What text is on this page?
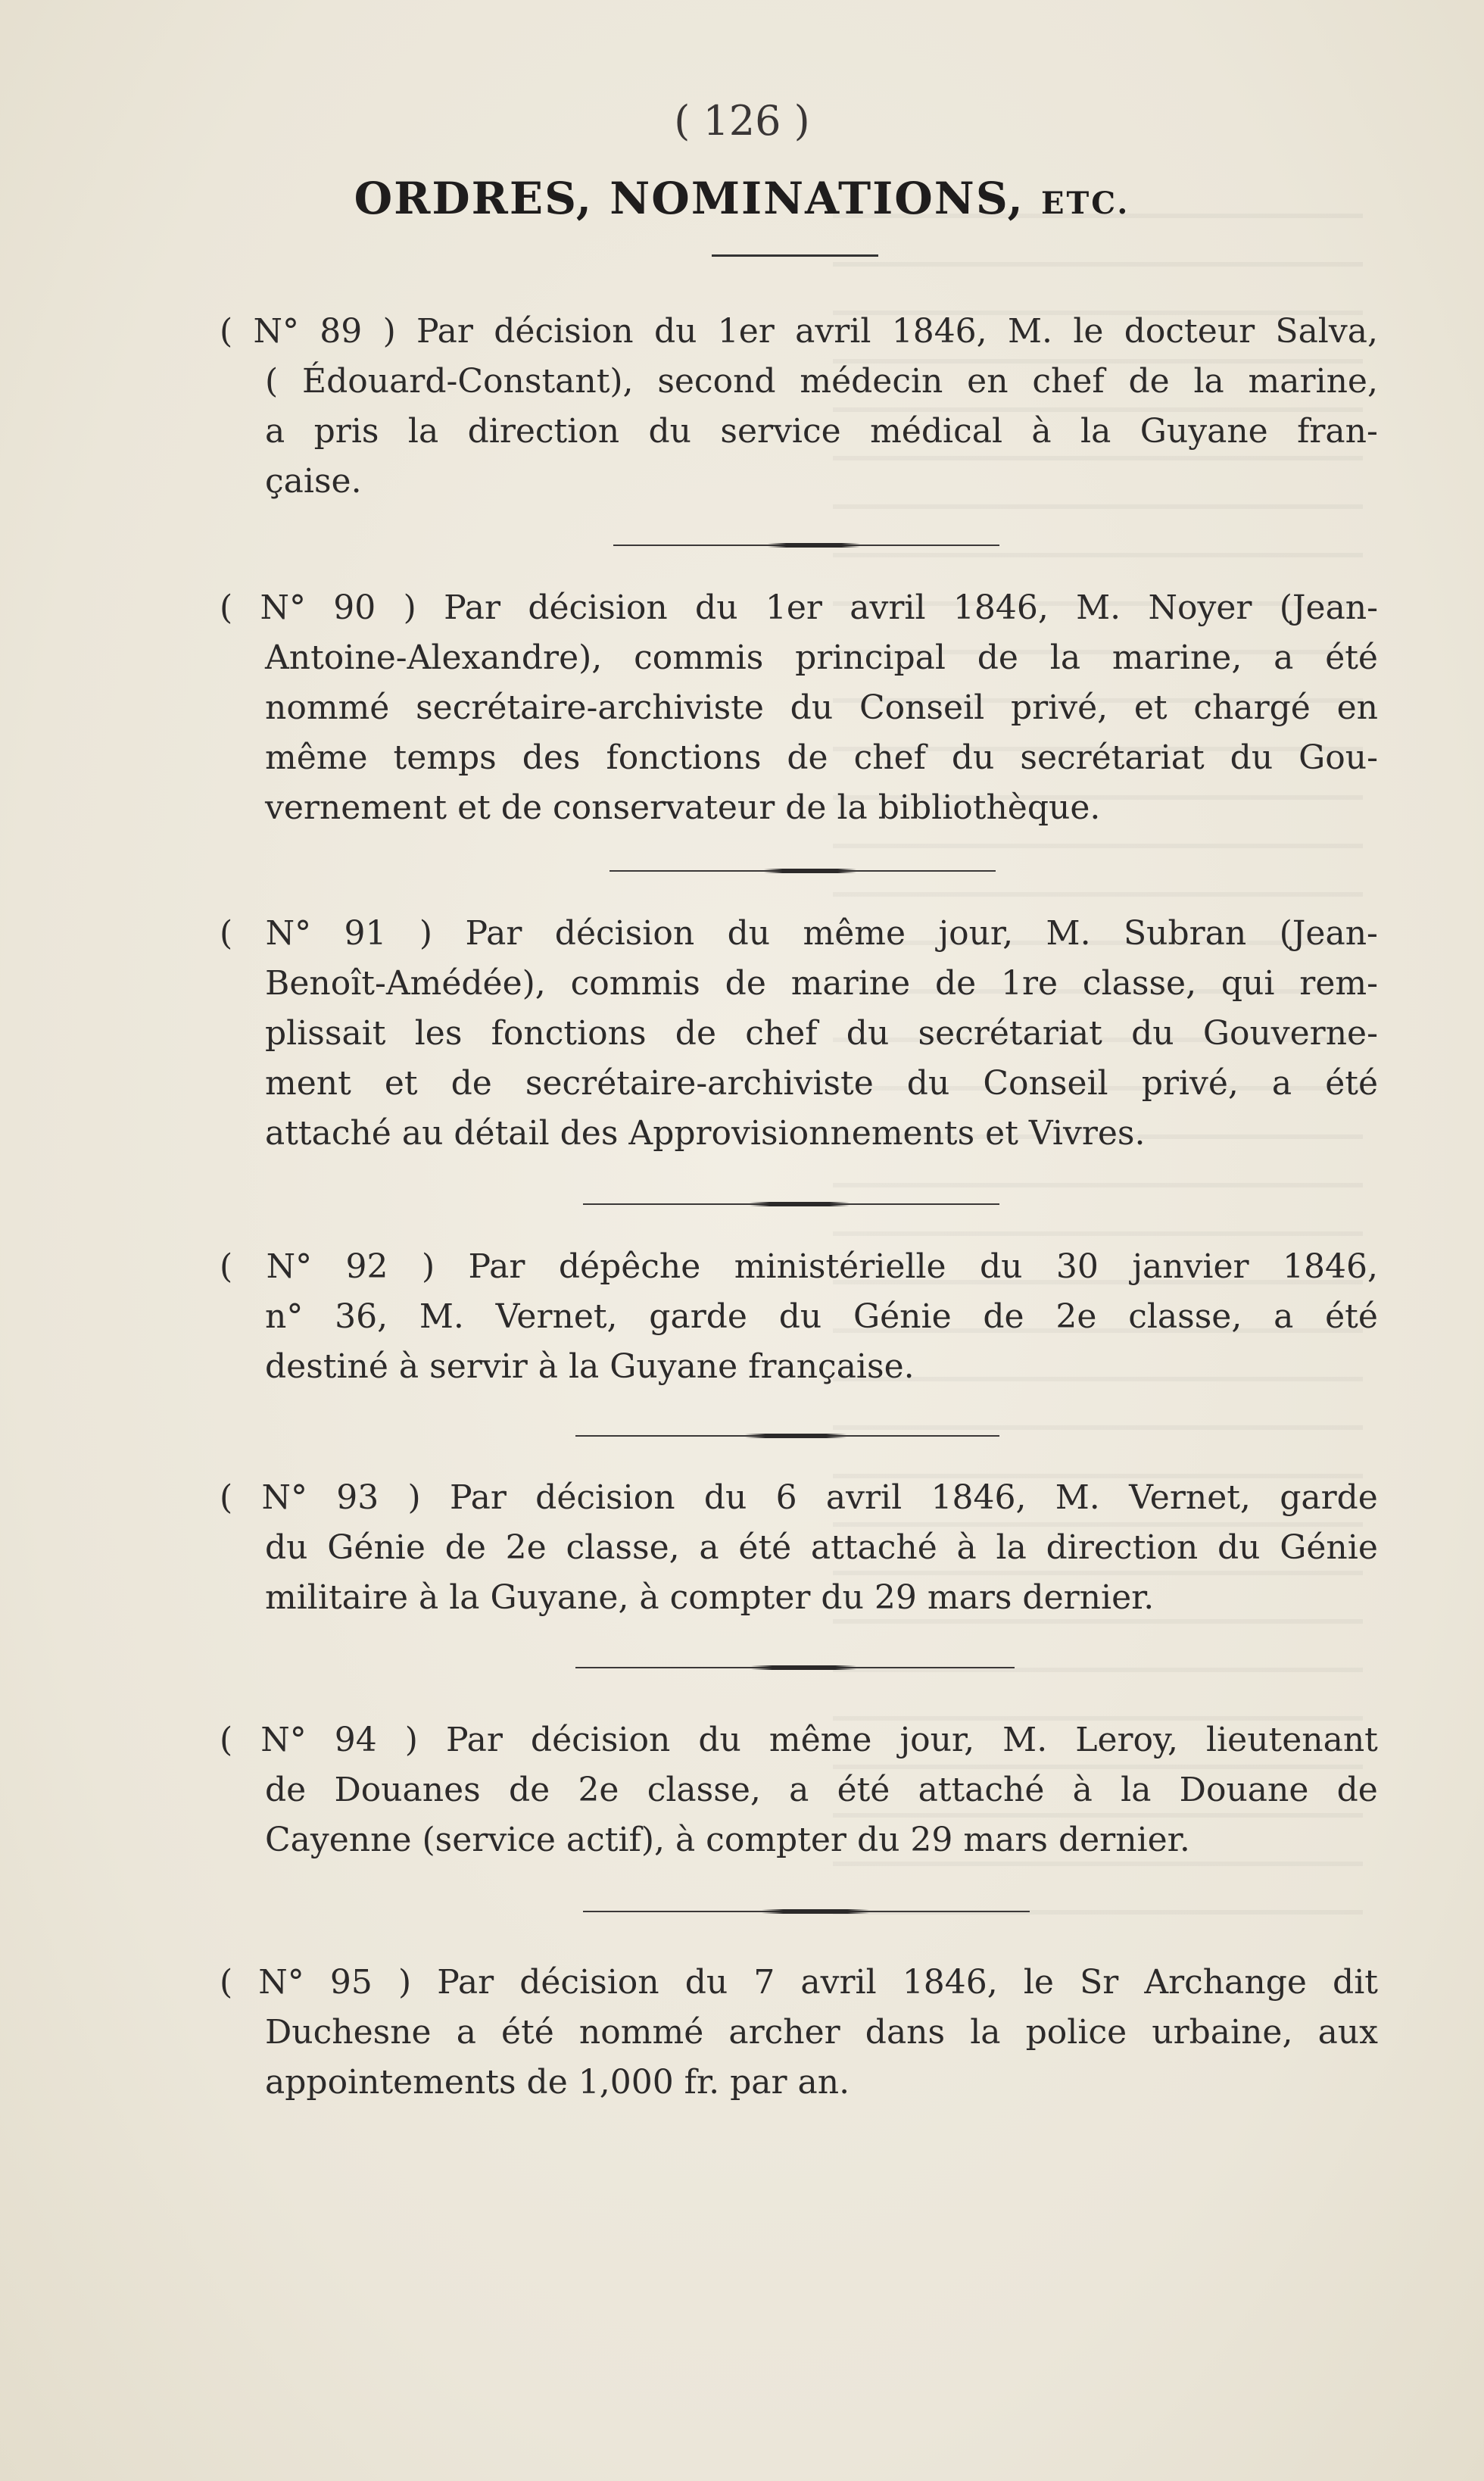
( 126 )
ORDRES, NOMINATIONS, ETC.
( N° 89 ) Par décision du 1er avril 1846, M. le docteur Salva,
( Édouard-Constant), second médecin en chef de la marine,
a pris la direction du service médical à la Guyane fran-
çaise.
( N° 90 ) Par décision du 1er avril 1846, M. Noyer (Jean-
Antoine-Alexandre), commis principal de la marine, a été
nommé secrétaire-archiviste du Conseil privé, et chargé en
même temps des fonctions de chef du secrétariat du Gou-
vernement et de conservateur de la bibliothèque.
( N° 91 ) Par décision du même jour, M. Subran (Jean-
Benoît-Amédée), commis de marine de 1re classe, qui rem-
plissait les fonctions de chef du secrétariat du Gouverne-
ment et de secrétaire-archiviste du Conseil privé, a été
attaché au détail des Approvisionnements et Vivres.
( N° 92 ) Par dépêche ministérielle du 30 janvier 1846,
n° 36, M. Vernet, garde du Génie de 2e classe, a été
destiné à servir à la Guyane française.
( N° 93 ) Par décision du 6 avril 1846, M. Vernet, garde
du Génie de 2e classe, a été attaché à la direction du Génie
militaire à la Guyane, à compter du 29 mars dernier.
( N° 94 ) Par décision du même jour, M. Leroy, lieutenant
de Douanes de 2e classe, a été attaché à la Douane de
Cayenne (service actif), à compter du 29 mars dernier.
( N° 95 ) Par décision du 7 avril 1846, le Sr Archange dit
Duchesne a été nommé archer dans la police urbaine, aux
appointements de 1,000 fr. par an.
